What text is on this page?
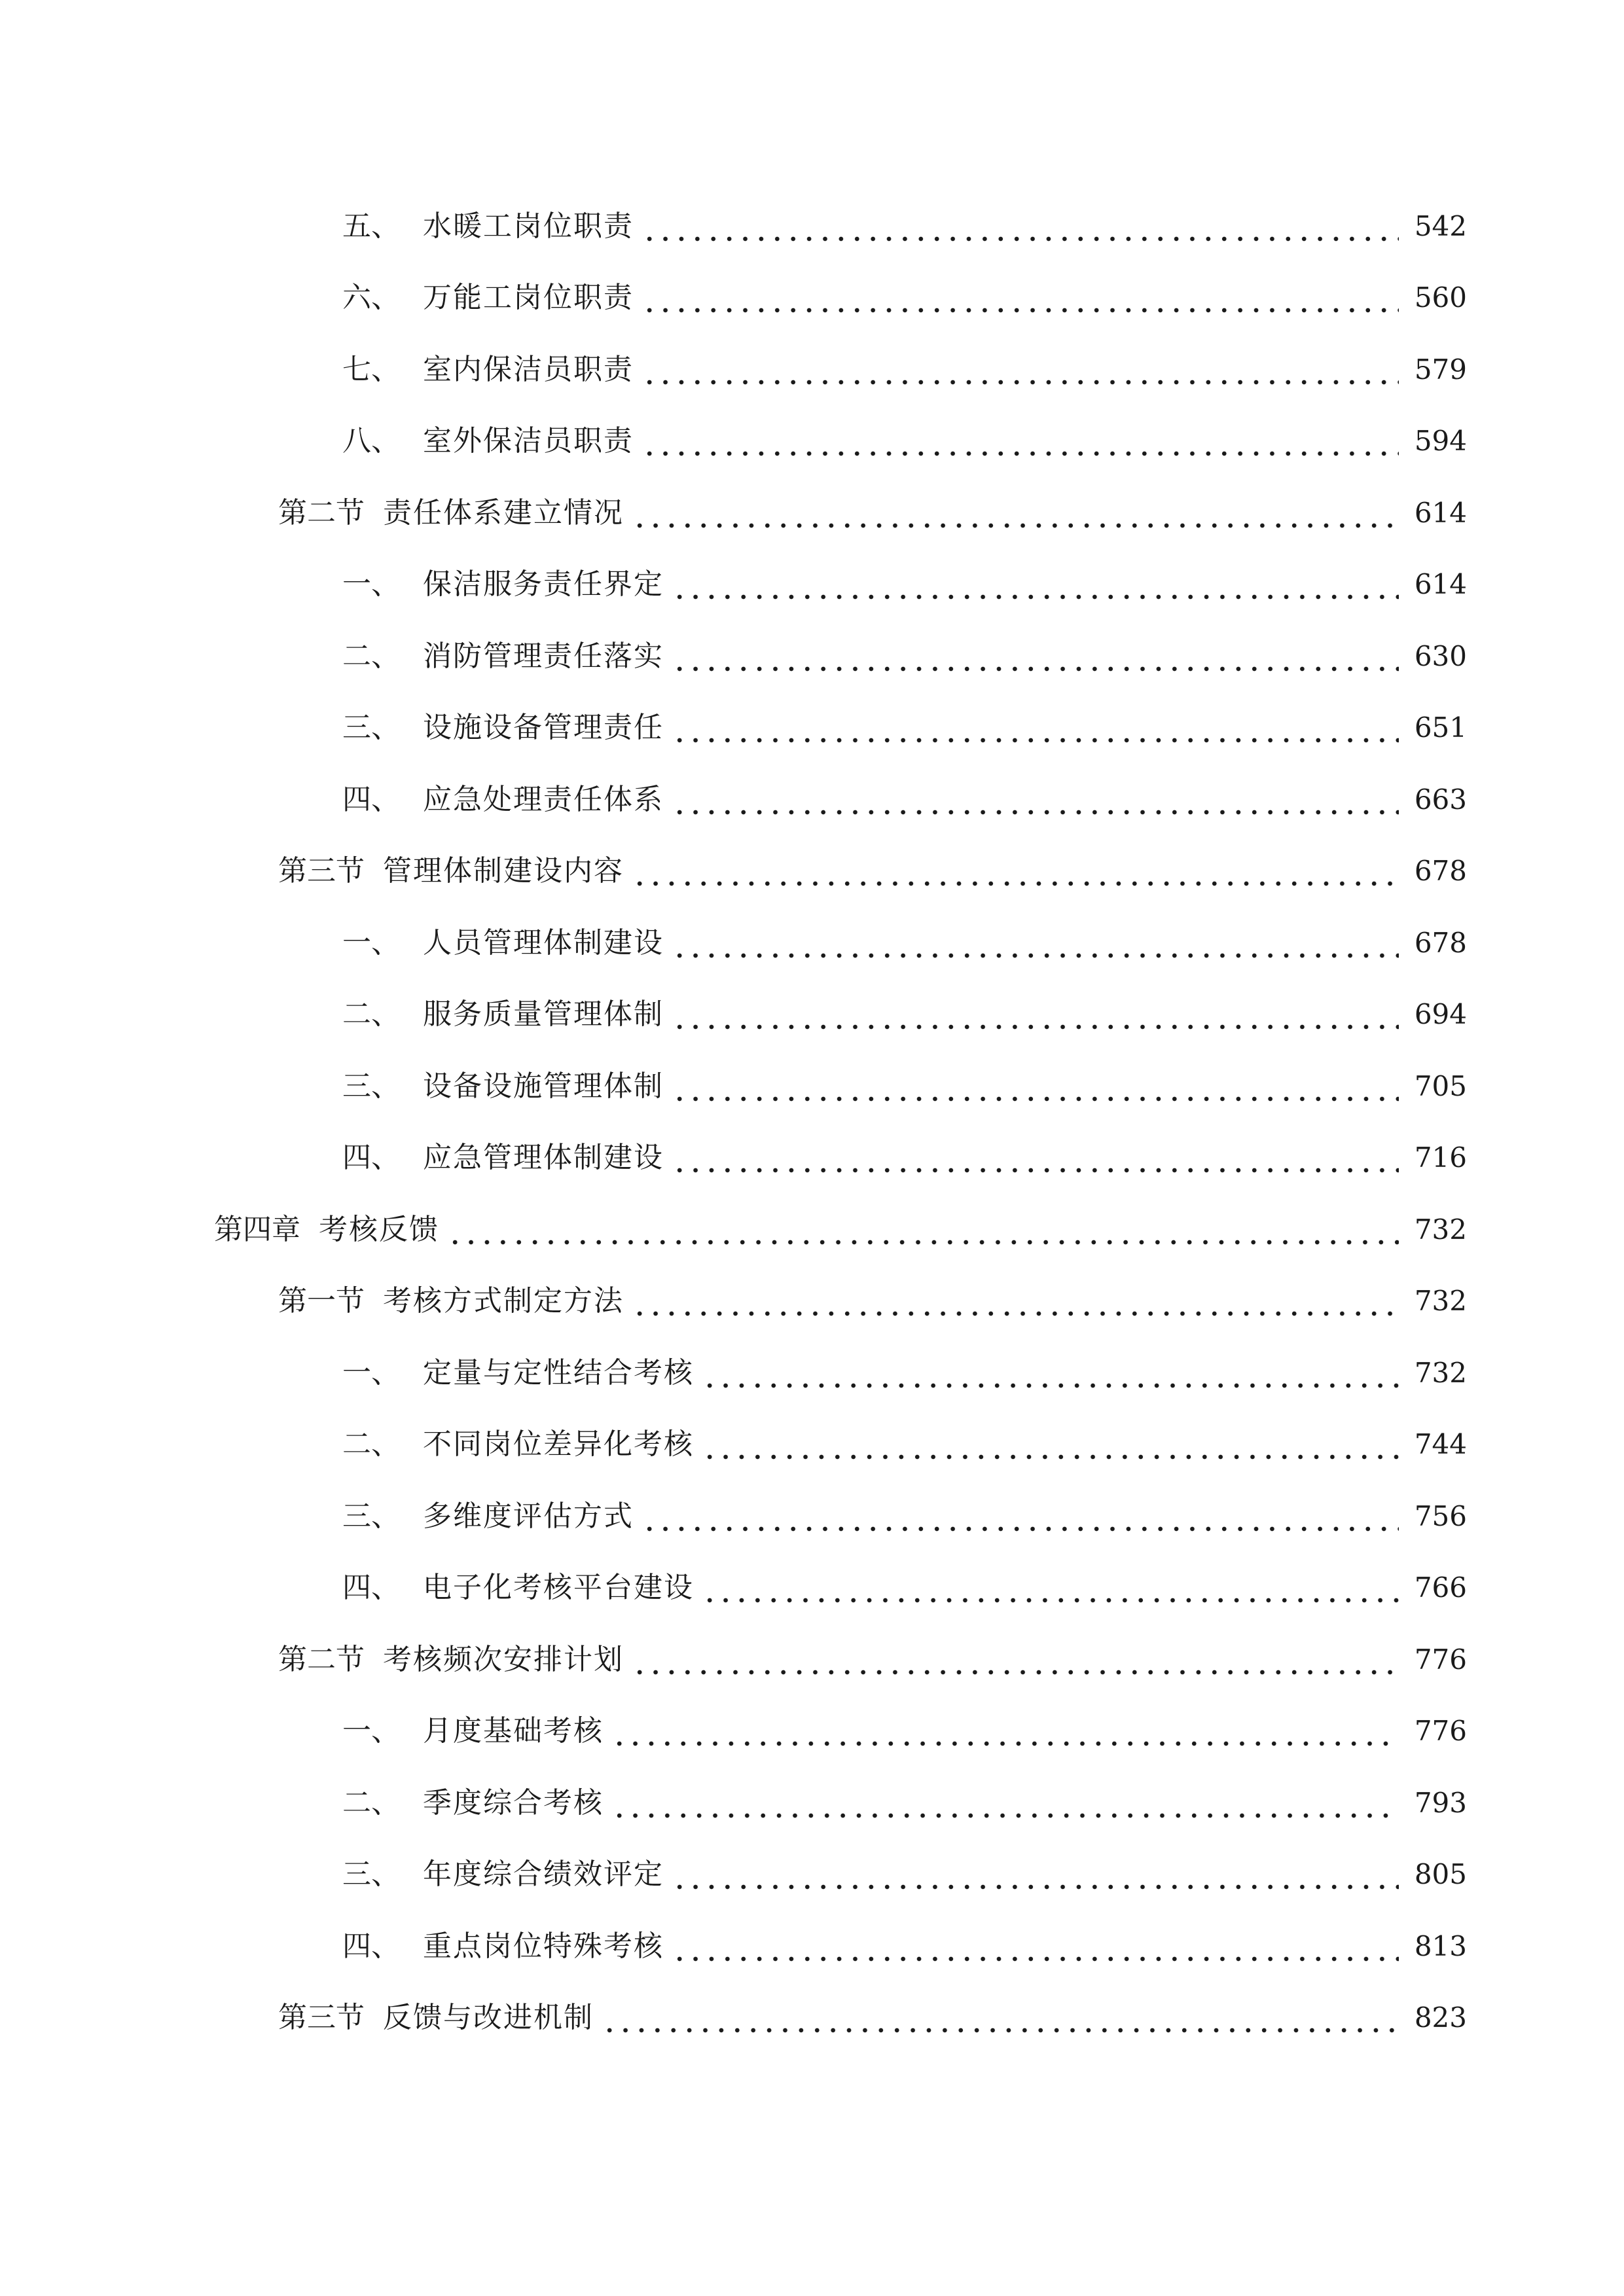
五、 水暖工岗位职责	542
六、 万能工岗位职责	560
七、 室内保洁员职责	579
八、 室外保洁员职责	594
第二节 责任体系建立情况	614
一、 保洁服务责任界定	614
二、 消防管理责任落实	630
三、 设施设备管理责任	651
四、 应急处理责任体系	663
第三节 管理体制建设内容	678
一、 人员管理体制建设	678
二、 服务质量管理体制	694
三、 设备设施管理体制	705
四、 应急管理体制建设	716
第四章 考核反馈	732
第一节 考核方式制定方法	732
一、 定量与定性结合考核	732
二、 不同岗位差异化考核	744
三、 多维度评估方式	756
四、 电子化考核平台建设	766
第二节 考核频次安排计划	776
一、 月度基础考核	776
二、 季度综合考核	793
三、 年度综合绩效评定	805
四、 重点岗位特殊考核	813
第三节 反馈与改进机制	823
